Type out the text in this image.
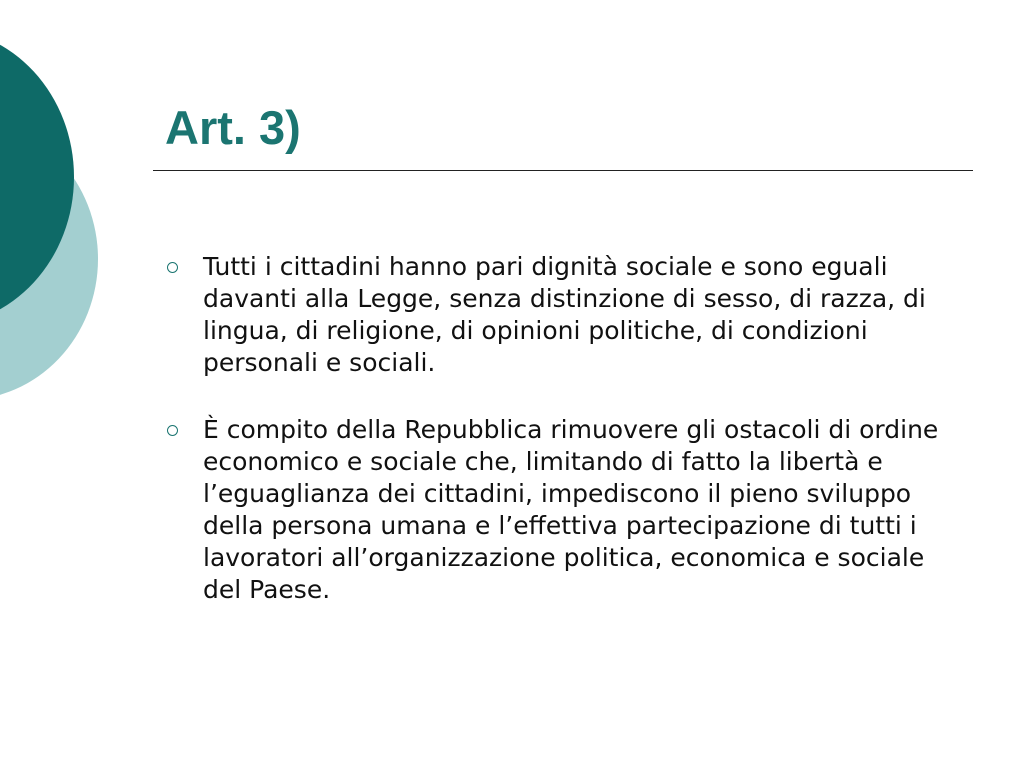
Art. 3)
Tutti i cittadini hanno pari dignità sociale e sono eguali davanti alla Legge, senza distinzione di sesso, di razza, di lingua, di religione, di opinioni politiche, di condizioni personali e sociali.
È compito della Repubblica rimuovere gli ostacoli di ordine economico e sociale che, limitando di fatto la libertà e l’eguaglianza dei cittadini, impediscono il pieno sviluppo della persona umana e l’effettiva partecipazione di tutti i lavoratori all’organizzazione politica, economica e sociale del Paese.
